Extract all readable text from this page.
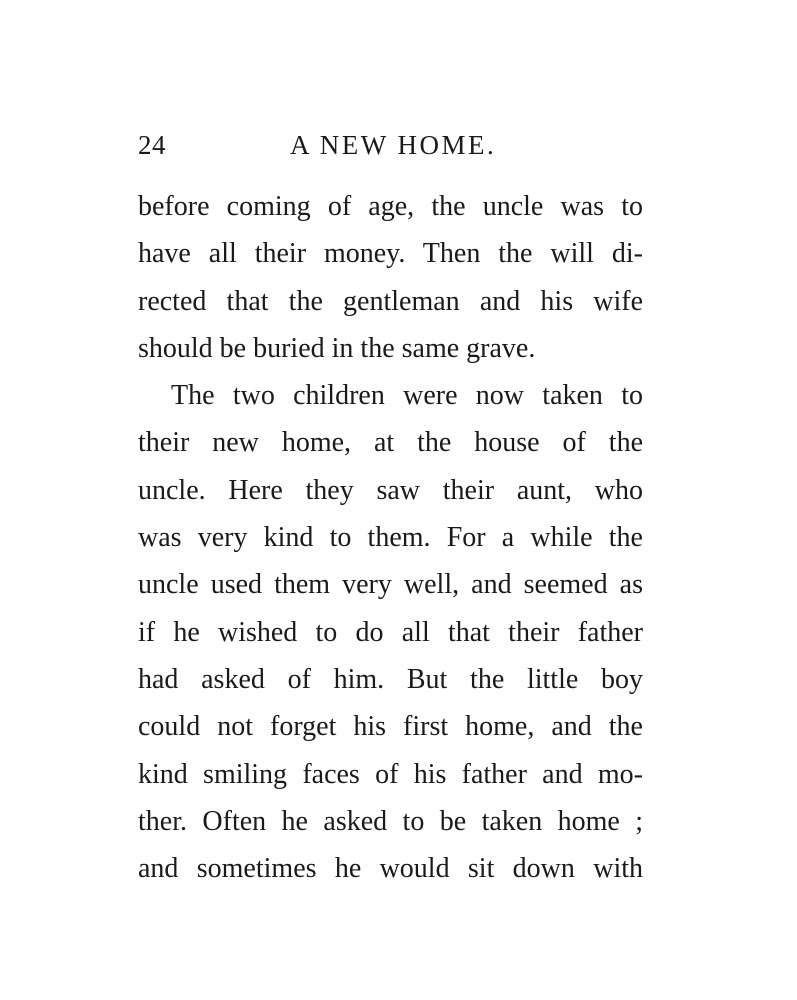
24	A NEW HOME.
before coming of age, the uncle was to
have all their money. Then the will di-
rected that the gentleman and his wife
should be buried in the same grave.
The two children were now taken to
their new home, at the house of the
uncle. Here they saw their aunt, who
was very kind to them. For a while the
uncle used them very well, and seemed as
if he wished to do all that their father
had asked of him. But the little boy
could not forget his first home, and the
kind smiling faces of his father and mo-
ther. Often he asked to be taken home ;
and sometimes he would sit down with
